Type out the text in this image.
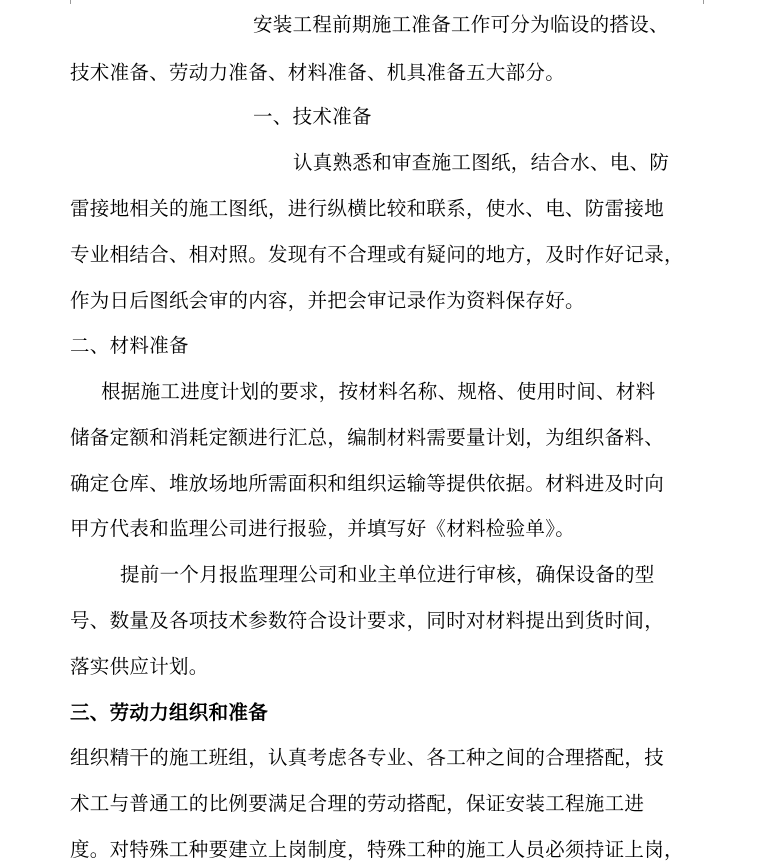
安装工程前期施工准备工作可分为临设的搭设、
技术准备、劳动力准备、材料准备、机具准备五大部分。
一、技术准备
认真熟悉和审查施工图纸，结合水、电、防
雷接地相关的施工图纸，进行纵横比较和联系，使水、电、防雷接地
专业相结合、相对照。发现有不合理或有疑问的地方，及时作好记录，
作为日后图纸会审的内容，并把会审记录作为资料保存好。
二、材料准备
根据施工进度计划的要求，按材料名称、规格、使用时间、材料
储备定额和消耗定额进行汇总，编制材料需要量计划，为组织备料、
确定仓库、堆放场地所需面积和组织运输等提供依据。材料进及时向
甲方代表和监理公司进行报验，并填写好《材料检验单》。
提前一个月报监理理公司和业主单位进行审核，确保设备的型
号、数量及各项技术参数符合设计要求，同时对材料提出到货时间，
落实供应计划。
三、劳动力组织和准备
组织精干的施工班组，认真考虑各专业、各工种之间的合理搭配，技
术工与普通工的比例要满足合理的劳动搭配，保证安装工程施工进
度。对特殊工种要建立上岗制度，特殊工种的施工人员必须持证上岗，
